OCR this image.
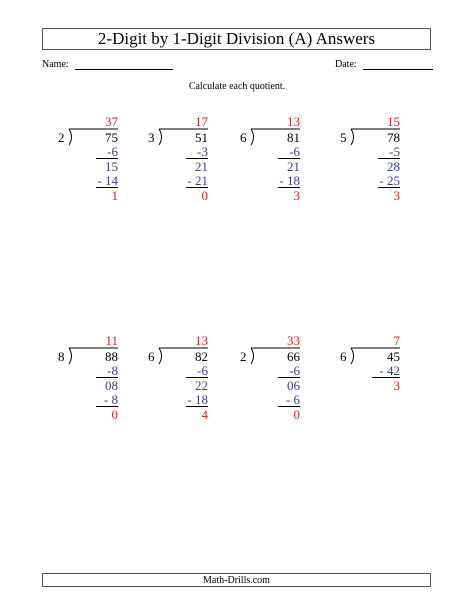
2-Digit by 1-Digit Division (A) Answers
Name:	Date:
Calculate each quotient.
37
2	75
-6
15
- 14
1
17
3	51
-3
21
- 21
0
13
6	81
-6
21
- 18
3
15
5	78
-5
28
- 25
3
11
8	88
-8
08
- 8
0
13
6	82
-6
22
- 18
4
33
2	66
-6
06
- 6
0
7
6	45
- 42
3
Math-Drills.com
